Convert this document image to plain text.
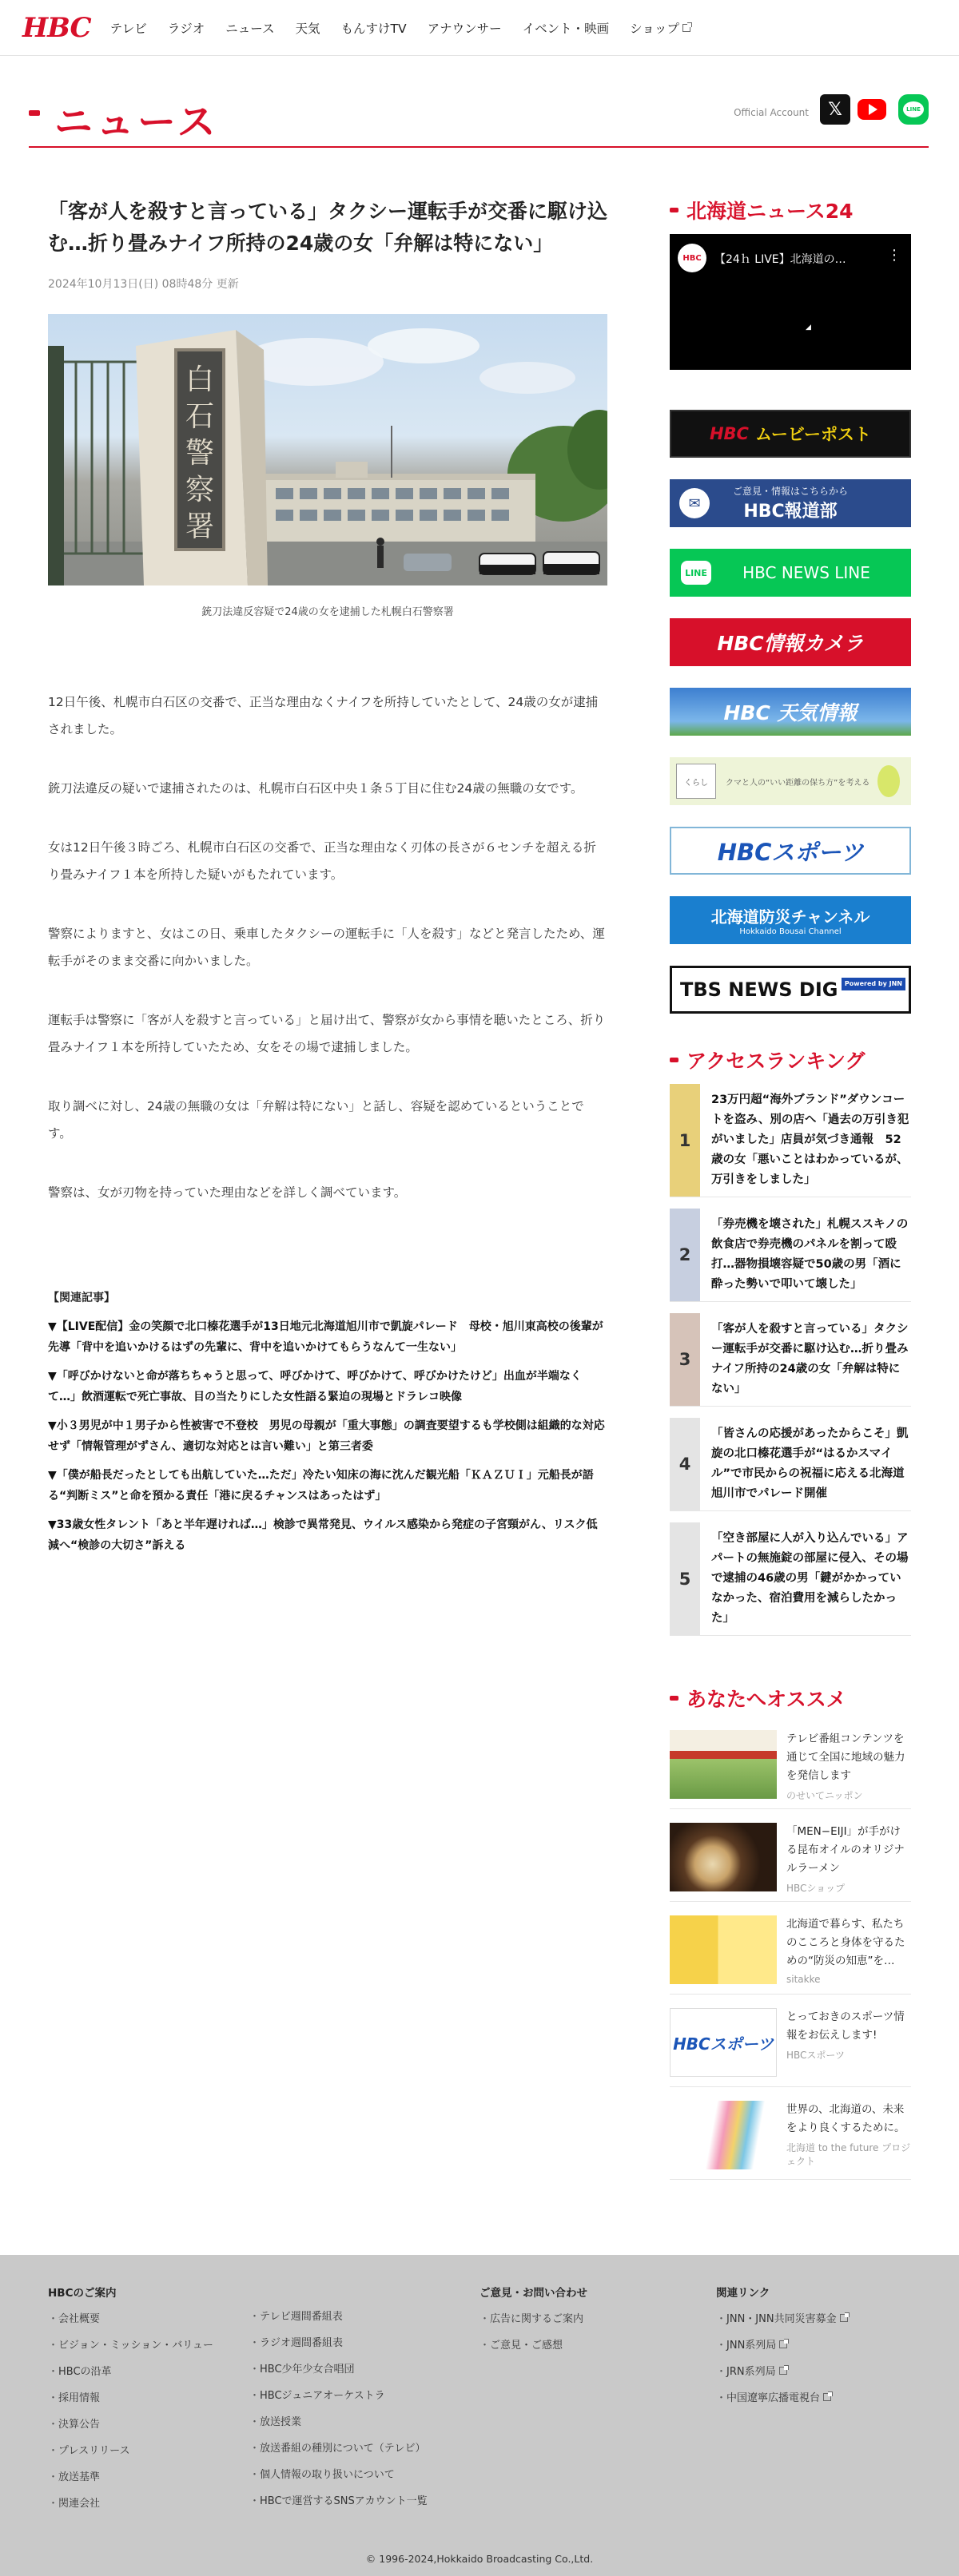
HBC テレビ ラジオ ニュース 天気 もんすけTV アナウンサー イベント・映画 ショップ
ニュース	Official Account 𝕏	LINE
「客が人を殺すと言っている」タクシー運転手が交番に駆け込む…折り畳みナイフ所持の24歳の女「弁解は特にない」
2024年10月13日(日) 08時48分 更新
白石警察署
銃刀法違反容疑で24歳の女を逮捕した札幌白石警察署

12日午後、札幌市白石区の交番で、正当な理由なくナイフを所持していたとして、24歳の女が逮捕されました。

銃刀法違反の疑いで逮捕されたのは、札幌市白石区中央１条５丁目に住む24歳の無職の女です。

女は12日午後３時ごろ、札幌市白石区の交番で、正当な理由なく刃体の長さが６センチを超える折り畳みナイフ１本を所持した疑いがもたれています。

警察によりますと、女はこの日、乗車したタクシーの運転手に「人を殺す」などと発言したため、運転手がそのまま交番に向かいました。

運転手は警察に「客が人を殺すと言っている」と届け出て、警察が女から事情を聴いたところ、折り畳みナイフ１本を所持していたため、女をその場で逮捕しました。

取り調べに対し、24歳の無職の女は「弁解は特にない」と話し、容疑を認めているということです。

警察は、女が刃物を持っていた理由などを詳しく調べています。

【関連記事】
▼【LIVE配信】金の笑顔で北口榛花選手が13日地元北海道旭川市で凱旋パレード　母校・旭川東高校の後輩が先導「背中を追いかけるはずの先輩に、背中を追いかけてもらうなんて一生ない」
▼「呼びかけないと命が落ちちゃうと思って、呼びかけて、呼びかけて、呼びかけたけど」出血が半端なくて…」飲酒運転で死亡事故、目の当たりにした女性語る緊迫の現場とドラレコ映像
▼小３男児が中１男子から性被害で不登校　男児の母親が「重大事態」の調査要望するも学校側は組織的な対応せず「情報管理がずさん、適切な対応とは言い難い」と第三者委
▼「僕が船長だったとしても出航していた…ただ」冷たい知床の海に沈んだ観光船「ＫＡＺＵＩ」元船長が語る“判断ミス”と命を預かる責任「港に戻るチャンスはあったはず」
▼33歳女性タレント「あと半年遅ければ…」検診で異常発見、ウイルス感染から発症の子宮頸がん、リスク低減へ“検診の大切さ”訴える
北海道ニュース24
HBC	【24ｈ LIVE】北海道の…	⋮
◢
HBC ムービーポスト
✉
ご意見・情報はこちらから
HBC報道部
LINE HBC NEWS LINE
HBC情報カメラ
HBC 天気情報
くらし	クマと人の“いい距離の保ち方”を考える
HBCスポーツ
北海道防災チャンネル
Hokkaido Bousai Channel
TBS NEWS DIG	Powered by JNN
アクセスランキング
1
23万円超“海外ブランド”ダウンコートを盗み、別の店へ「過去の万引き犯がいました」店員が気づき通報　52歳の女「悪いことはわかっているが、万引きをしました」
2
「券売機を壊された」札幌ススキノの飲食店で券売機のパネルを割って殴打…器物損壊容疑で50歳の男「酒に酔った勢いで叩いて壊した」
3
「客が人を殺すと言っている」タクシー運転手が交番に駆け込む…折り畳みナイフ所持の24歳の女「弁解は特にない」
4
「皆さんの応援があったからこそ」凱旋の北口榛花選手が“はるかスマイル”で市民からの祝福に応える北海道旭川市でパレード開催
5
「空き部屋に人が入り込んでいる」アパートの無施錠の部屋に侵入、その場で逮捕の46歳の男「鍵がかかっていなかった、宿泊費用を減らしたかった」
あなたへオススメ
テレビ番組コンテンツを通じて全国に地域の魅力を発信します
のせいてニッポン
「MEN−EIJI」が手がける昆布オイルのオリジナルラーメン
HBCショップ
北海道で暮らす、私たちのこころと身体を守るための“防災の知恵”を…
sitakke
HBCスポーツ
とっておきのスポーツ情報をお伝えします!
HBCスポーツ
世界の、北海道の、未来をより良くするために。
北海道 to the future プロジェクト
HBCのご案内
・ 会社概要
・ ビジョン・ミッション・バリュー
・ HBCの沿革
・ 採用情報
・ 決算公告
・ プレスリリース
・ 放送基準
・ 関連会社
・ テレビ週間番組表
・ ラジオ週間番組表
・ HBC少年少女合唱団
・ HBCジュニアオーケストラ
・ 放送授業
・ 放送番組の種別について（テレビ）
・ 個人情報の取り扱いについて
・ HBCで運営するSNSアカウント一覧
ご意見・お問い合わせ
・ 広告に関するご案内
・ ご意見・ご感想
関連リンク
・ JNN・JNN共同災害募金
・ JNN系列局
・ JRN系列局
・ 中国遼寧広播電視台
© 1996-2024,Hokkaido Broadcasting Co.,Ltd.
